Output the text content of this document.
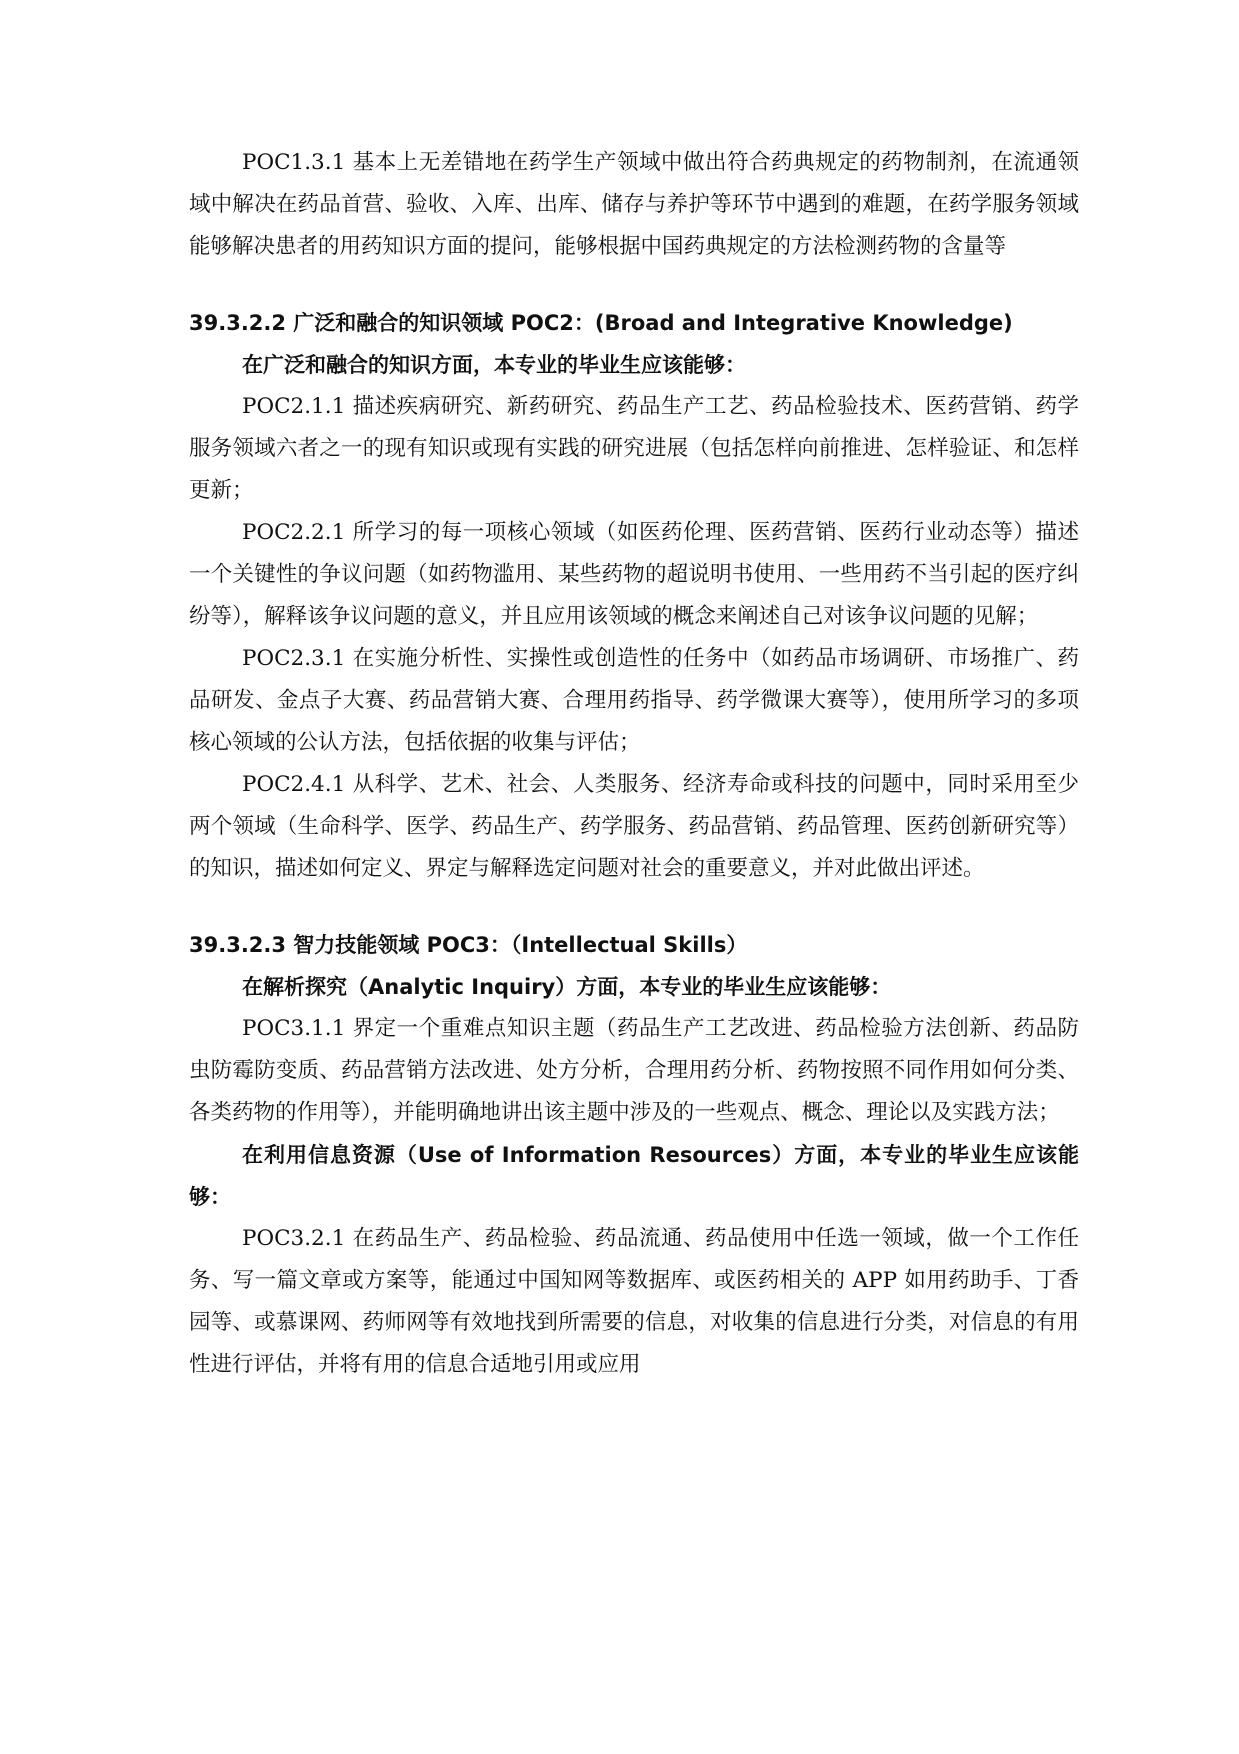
POC1.3.1 基本上无差错地在药学生产领域中做出符合药典规定的药物制剂，在流通领域中解决在药品首营、验收、入库、出库、储存与养护等环节中遇到的难题，在药学服务领域能够解决患者的用药知识方面的提问，能够根据中国药典规定的方法检测药物的含量等

39.3.2.2 广泛和融合的知识领域 POC2：(Broad and Integrative Knowledge)

在广泛和融合的知识方面，本专业的毕业生应该能够：

POC2.1.1 描述疾病研究、新药研究、药品生产工艺、药品检验技术、医药营销、药学服务领域六者之一的现有知识或现有实践的研究进展（包括怎样向前推进、怎样验证、和怎样更新；

POC2.2.1 所学习的每一项核心领域（如医药伦理、医药营销、医药行业动态等）描述一个关键性的争议问题（如药物滥用、某些药物的超说明书使用、一些用药不当引起的医疗纠纷等），解释该争议问题的意义，并且应用该领域的概念来阐述自己对该争议问题的见解；

POC2.3.1 在实施分析性、实操性或创造性的任务中（如药品市场调研、市场推广、药品研发、金点子大赛、药品营销大赛、合理用药指导、药学微课大赛等），使用所学习的多项核心领域的公认方法，包括依据的收集与评估；

POC2.4.1 从科学、艺术、社会、人类服务、经济寿命或科技的问题中，同时采用至少两个领域（生命科学、医学、药品生产、药学服务、药品营销、药品管理、医药创新研究等）的知识，描述如何定义、界定与解释选定问题对社会的重要意义，并对此做出评述。

39.3.2.3 智力技能领域 POC3：（Intellectual Skills）

在解析探究（Analytic Inquiry）方面，本专业的毕业生应该能够：

POC3.1.1 界定一个重难点知识主题（药品生产工艺改进、药品检验方法创新、药品防虫防霉防变质、药品营销方法改进、处方分析，合理用药分析、药物按照不同作用如何分类、各类药物的作用等），并能明确地讲出该主题中涉及的一些观点、概念、理论以及实践方法；

在利用信息资源（Use of Information Resources）方面，本专业的毕业生应该能够：

POC3.2.1 在药品生产、药品检验、药品流通、药品使用中任选一领域，做一个工作任务、写一篇文章或方案等，能通过中国知网等数据库、或医药相关的 APP 如用药助手、丁香园等、或慕课网、药师网等有效地找到所需要的信息，对收集的信息进行分类，对信息的有用性进行评估，并将有用的信息合适地引用或应用
